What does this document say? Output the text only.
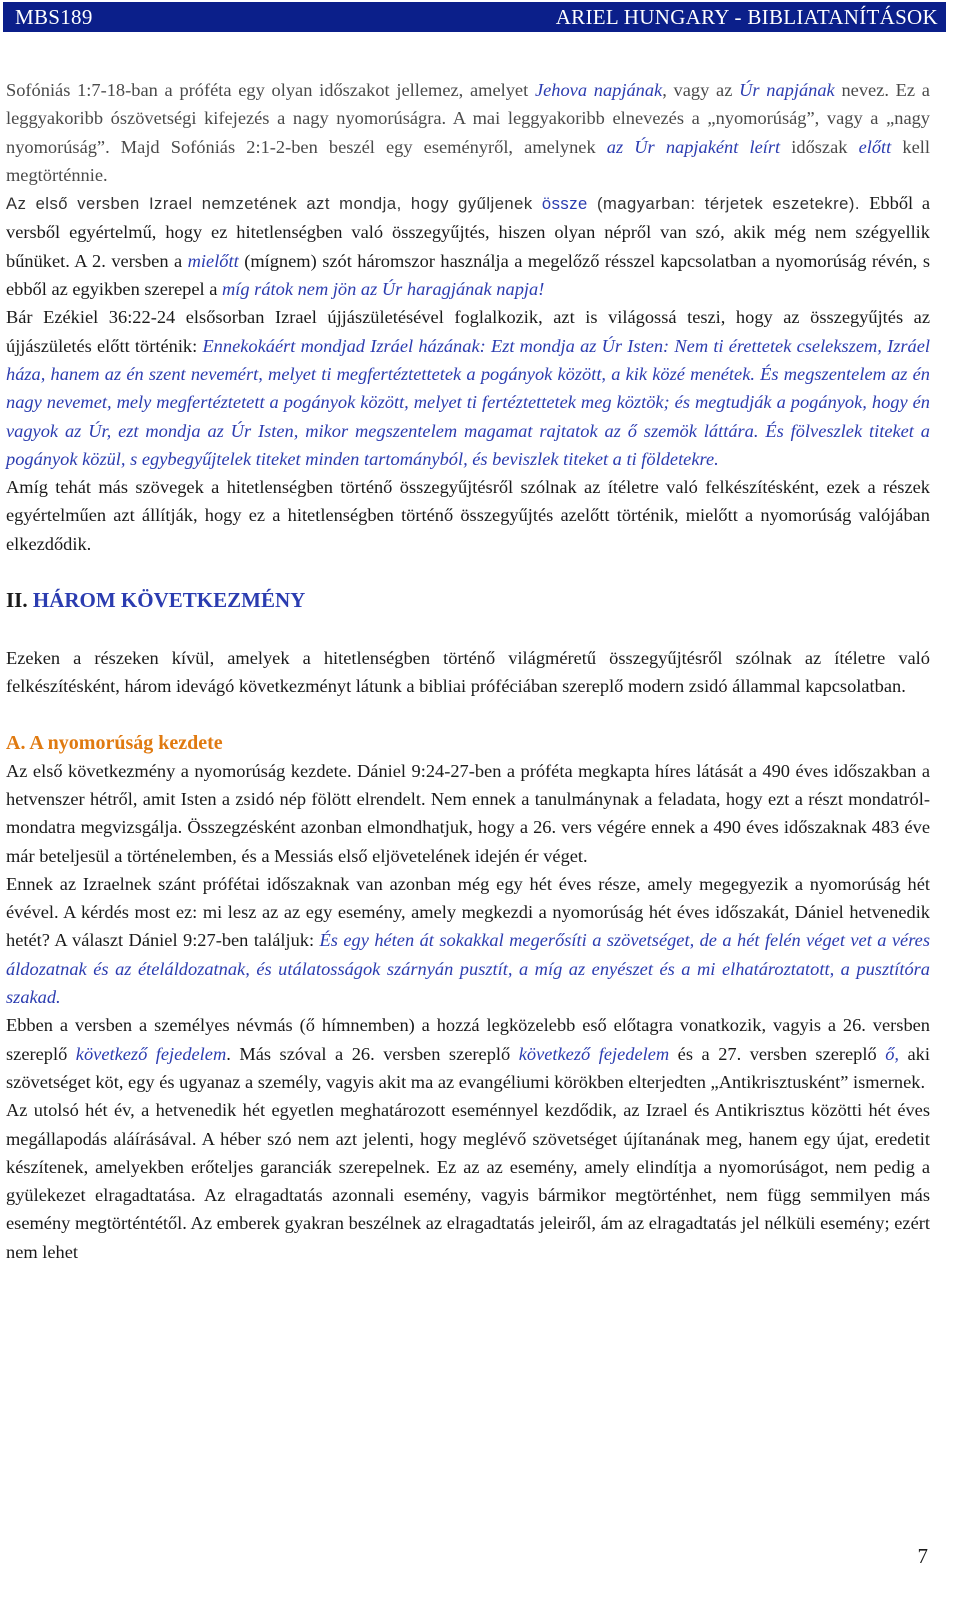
MBS189	ARIEL HUNGARY - BIBLIATANÍTÁSOK

Sofóniás 1:7-18-ban a próféta egy olyan időszakot jellemez, amelyet Jehova napjának, vagy az Úr napjának nevez. Ez a leggyakoribb ószövetségi kifejezés a nagy nyomorúságra. A mai leggyakoribb elnevezés a „nyomorúság”, vagy a „nagy nyomorúság”. Majd Sofóniás 2:1-2-ben beszél egy eseményről, amelynek az Úr napjaként leírt időszak előtt kell megtörténnie.
Az első versben Izrael nemzetének azt mondja, hogy gyűljenek össze (magyarban: térjetek eszetekre). Ebből a versből egyértelmű, hogy ez hitetlenségben való összegyűjtés, hiszen olyan népről van szó, akik még nem szégyellik bűnüket. A 2. versben a mielőtt (mígnem) szót háromszor használja a megelőző résszel kapcsolatban a nyomorúság révén, s ebből az egyikben szerepel a míg rátok nem jön az Úr haragjának napja!

Bár Ezékiel 36:22-24 elsősorban Izrael újjászületésével foglalkozik, azt is világossá teszi, hogy az összegyűjtés az újjászületés előtt történik: Ennekokáért mondjad Izráel házának: Ezt mondja az Úr Isten: Nem ti érettetek cselekszem, Izráel háza, hanem az én szent nevemért, melyet ti megfertéztettetek a pogányok között, a kik közé menétek. És megszentelem az én nagy nevemet, mely megfertéztetett a pogányok között, melyet ti fertéztettetek meg köztök; és megtudják a pogányok, hogy én vagyok az Úr, ezt mondja az Úr Isten, mikor megszentelem magamat rajtatok az ő szemök láttára. És fölveszlek titeket a pogányok közül, s egybegyűjtelek titeket minden tartományból, és beviszlek titeket a ti földetekre.

Amíg tehát más szövegek a hitetlenségben történő összegyűjtésről szólnak az ítéletre való felkészítésként, ezek a részek egyértelműen azt állítják, hogy ez a hitetlenségben történő összegyűjtés azelőtt történik, mielőtt a nyomorúság valójában elkezdődik.

II. HÁROM KÖVETKEZMÉNY

Ezeken a részeken kívül, amelyek a hitetlenségben történő világméretű összegyűjtésről szólnak az ítéletre való felkészítésként, három idevágó következményt látunk a bibliai próféciában szereplő modern zsidó állammal kapcsolatban.

A. A nyomorúság kezdete

Az első következmény a nyomorúság kezdete. Dániel 9:24-27-ben a próféta megkapta híres látását a 490 éves időszakban a hetvenszer hétről, amit Isten a zsidó nép fölött elrendelt. Nem ennek a tanulmánynak a feladata, hogy ezt a részt mondatról-mondatra megvizsgálja. Összegzésként azonban elmondhatjuk, hogy a 26. vers végére ennek a 490 éves időszaknak 483 éve már beteljesül a történelemben, és a Messiás első eljövetelének idején ér véget.

Ennek az Izraelnek szánt prófétai időszaknak van azonban még egy hét éves része, amely megegyezik a nyomorúság hét évével. A kérdés most ez: mi lesz az az egy esemény, amely megkezdi a nyomorúság hét éves időszakát, Dániel hetvenedik hetét? A választ Dániel 9:27-ben találjuk: És egy héten át sokakkal megerősíti a szövetséget, de a hét felén véget vet a véres áldozatnak és az ételáldozatnak, és utálatosságok szárnyán pusztít, a míg az enyészet és a mi elhatároztatott, a pusztítóra szakad.

Ebben a versben a személyes névmás (ő hímnemben) a hozzá legközelebb eső előtagra vonatkozik, vagyis a 26. versben szereplő következő fejedelem. Más szóval a 26. versben szereplő következő fejedelem és a 27. versben szereplő ő, aki szövetséget köt, egy és ugyanaz a személy, vagyis akit ma az evangéliumi körökben elterjedten „Antikrisztusként” ismernek.

Az utolsó hét év, a hetvenedik hét egyetlen meghatározott eseménnyel kezdődik, az Izrael és Antikrisztus közötti hét éves megállapodás aláírásával. A héber szó nem azt jelenti, hogy meglévő szövetséget újítanának meg, hanem egy újat, eredetit készítenek, amelyekben erőteljes garanciák szerepelnek. Ez az az esemény, amely elindítja a nyomorúságot, nem pedig a gyülekezet elragadtatása. Az elragadtatás azonnali esemény, vagyis bármikor megtörténhet, nem függ semmilyen más esemény megtörténtétől. Az emberek gyakran beszélnek az elragadtatás jeleiről, ám az elragadtatás jel nélküli esemény; ezért nem lehet

7
